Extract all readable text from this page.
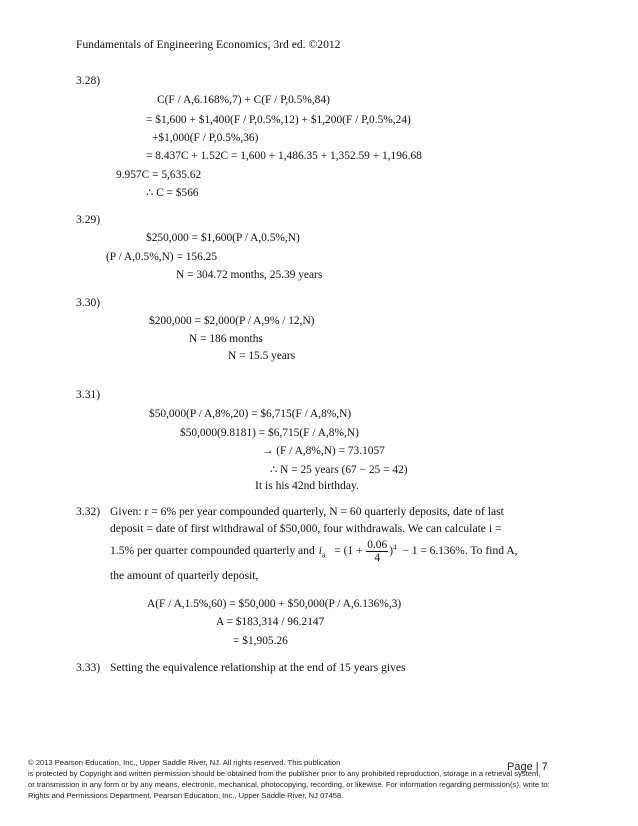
Fundamentals of Engineering Economics, 3rd ed. ©2012
3.28)
C(F / A,6.168%,7) + C(F / P,0.5%,84)
= $1,600 + $1,400(F / P,0.5%,12) + $1,200(F / P,0.5%,24)
+$1,000(F / P,0.5%,36)
= 8.437C + 1.52C = 1,600 + 1,486.35 + 1,352.59 + 1,196.68
9.957C = 5,635.62
∴ C = $566
3.29)
$250,000 = $1,600(P / A,0.5%,N)
(P / A,0.5%,N) = 156.25
N = 304.72 months, 25.39 years
3.30)
$200,000 = $2,000(P / A,9% / 12,N)
N = 186 months
N = 15.5 years
3.31)
$50,000(P / A,8%,20) = $6,715(F / A,8%,N)
$50,000(9.8181) = $6,715(F / A,8%,N)
→ (F / A,8%,N) = 73.1057
∴ N = 25 years (67 − 25 = 42)
It is his 42nd birthday.
3.32) Given: r = 6% per year compounded quarterly, N = 60 quarterly deposits, date of last
deposit = date of first withdrawal of $50,000, four withdrawals. We can calculate i =
1.5% per quarter compounded quarterly and $i_a = (1 + \frac{0.06}{4} )^4 - 1 = 6.136\%$ . To find A,
the amount of quarterly deposit,
A(F / A,1.5%,60) = $50,000 + $50,000(P / A,6.136%,3)
A = $183,314 / 96.2147
= $1,905.26
3.33) Setting the equivalence relationship at the end of 15 years gives
© 2013 Pearson Education, Inc., Upper Saddle River, NJ. All rights reserved. This publication
is protected by Copyright and written permission should be obtained from the publisher prior to any prohibited reproduction, storage in a retrieval system,
or transmission in any form or by any means, electronic, mechanical, photocopying, recording, or likewise. For information regarding permission(s), write to:
Rights and Permissions Department, Pearson Education, Inc., Upper Saddle River, NJ 07458.
Page | 7
